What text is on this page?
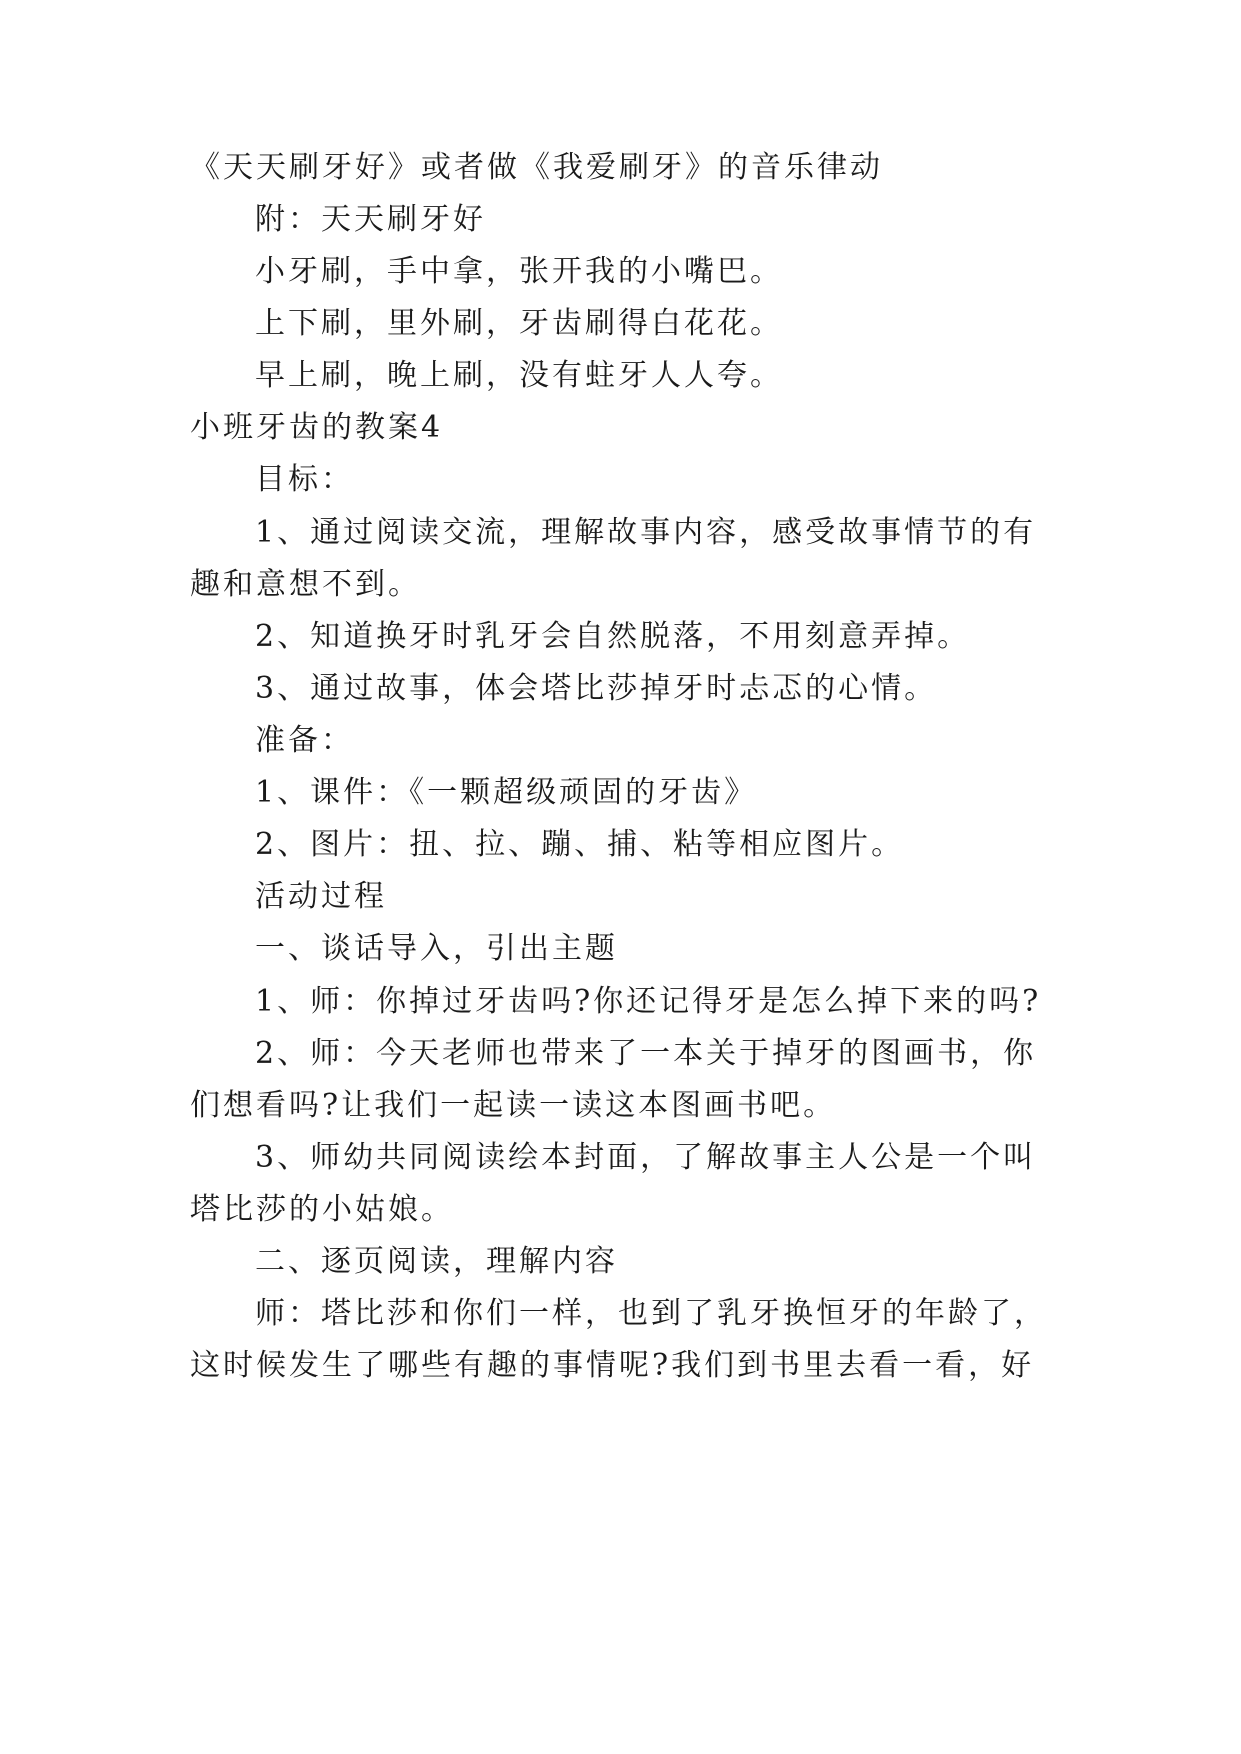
《天天刷牙好》或者做《我爱刷牙》的音乐律动
附：天天刷牙好
小牙刷，手中拿，张开我的小嘴巴。
上下刷，里外刷，牙齿刷得白花花。
早上刷，晚上刷，没有蛀牙人人夸。
小班牙齿的教案4
目标：
1、通过阅读交流，理解故事内容，感受故事情节的有
趣和意想不到。
2、知道换牙时乳牙会自然脱落，不用刻意弄掉。
3、通过故事，体会塔比莎掉牙时忐忑的心情。
准备：
1、课件：《一颗超级顽固的牙齿》
2、图片：扭、拉、蹦、捕、粘等相应图片。
活动过程
一、谈话导入，引出主题
1、师：你掉过牙齿吗?你还记得牙是怎么掉下来的吗?
2、师：今天老师也带来了一本关于掉牙的图画书，你
们想看吗?让我们一起读一读这本图画书吧。
3、师幼共同阅读绘本封面，了解故事主人公是一个叫
塔比莎的小姑娘。
二、逐页阅读，理解内容
师：塔比莎和你们一样，也到了乳牙换恒牙的年龄了，
这时候发生了哪些有趣的事情呢?我们到书里去看一看，好
